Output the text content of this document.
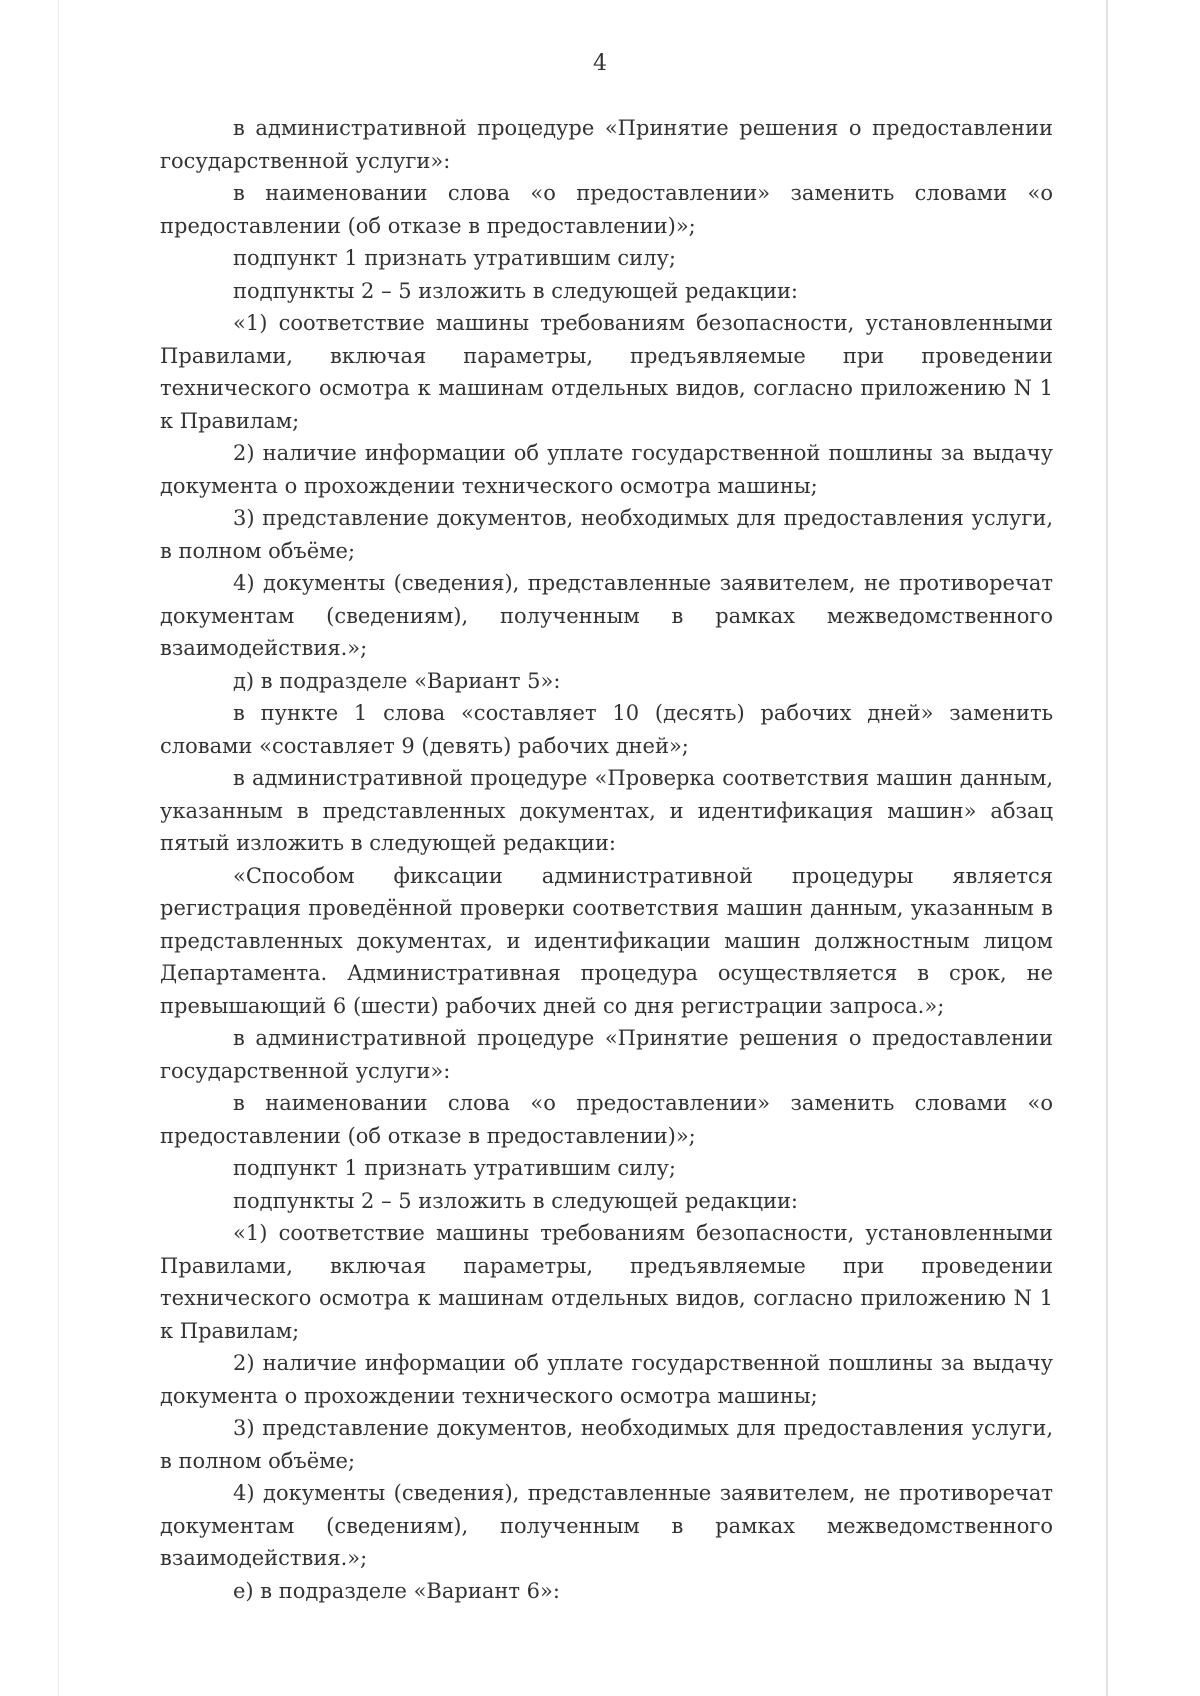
4

в административной процедуре «Принятие решения о предоставлении государственной услуги»:

в наименовании слова «о предоставлении» заменить словами «о предоставлении (об отказе в предоставлении)»;

подпункт 1 признать утратившим силу;

подпункты 2 – 5 изложить в следующей редакции:

«1) соответствие машины требованиям безопасности, установленными Правилами, включая параметры, предъявляемые при проведении технического осмотра к машинам отдельных видов, согласно приложению N 1 к Правилам;

2) наличие информации об уплате государственной пошлины за выдачу документа о прохождении технического осмотра машины;

3) представление документов, необходимых для предоставления услуги, в полном объёме;

4) документы (сведения), представленные заявителем, не противоречат документам (сведениям), полученным в рамках межведомственного взаимодействия.»;

д) в подразделе «Вариант 5»:

в пункте 1 слова «составляет 10 (десять) рабочих дней» заменить словами «составляет 9 (девять) рабочих дней»;

в административной процедуре «Проверка соответствия машин данным, указанным в представленных документах, и идентификация машин» абзац пятый изложить в следующей редакции:

«Способом фиксации административной процедуры является регистрация проведённой проверки соответствия машин данным, указанным в представленных документах, и идентификации машин должностным лицом Департамента. Административная процедура осуществляется в срок, не превышающий 6 (шести) рабочих дней со дня регистрации запроса.»;

в административной процедуре «Принятие решения о предоставлении государственной услуги»:

в наименовании слова «о предоставлении» заменить словами «о предоставлении (об отказе в предоставлении)»;

подпункт 1 признать утратившим силу;

подпункты 2 – 5 изложить в следующей редакции:

«1) соответствие машины требованиям безопасности, установленными Правилами, включая параметры, предъявляемые при проведении технического осмотра к машинам отдельных видов, согласно приложению N 1 к Правилам;

2) наличие информации об уплате государственной пошлины за выдачу документа о прохождении технического осмотра машины;

3) представление документов, необходимых для предоставления услуги, в полном объёме;

4) документы (сведения), представленные заявителем, не противоречат документам (сведениям), полученным в рамках межведомственного взаимодействия.»;

е) в подразделе «Вариант 6»:
